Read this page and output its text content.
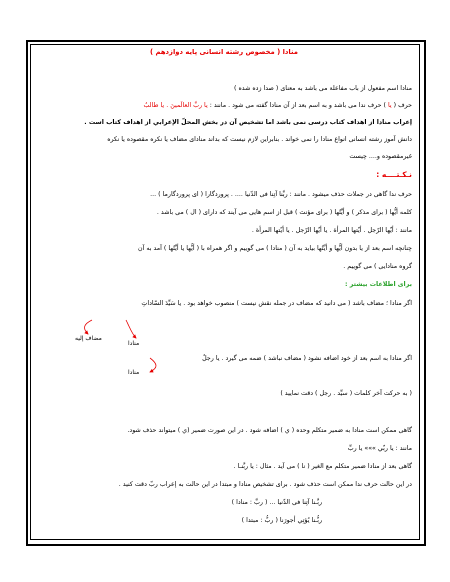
منادا ( مخصوص رشته انسانی پایه دوازدهم )
منادا اسم مفعول از باب مفاعلة می باشد به معنای ( صدا زده شده )
حرف ( یا ) حرف ندا می باشد و به اسم بعد از آن منادا گفته می شود . مانند : یا ربَّ العالَمینَ . یا طالبُ
إعراب منادا از اهداف کتاب درسی نمی باشد اما تشخیص آن در بخش المحلّ الإعرابي از اهداف کتاب است .
دانش آموز رشته انسانی انواع منادا را نمی خواند . بنابراین لازم نیست که بداند منادای مضاف یا نکره مقصوده یا نکره
غیرمقصوده و.... چیست
نـکـتــــه :
حرف ندا گاهی در جملات حذف میشود . مانند : ربَّنا آتِنا فی الدّنیا .... . پروردگارا ( ای پروردگارما ) ...
کلمه أیُّها ( برای مذکر ) و أیَّتُها ( برای مؤنث ) قبل از اسم هایی می آیند که دارای ( ال ) می باشد .
مانند : أیّها الرّجل . أیّتها المرأة . یا أیّها الرّجل . یا أیّتها المرأة .
چنانچه اسم بعد از یا بدون أیُّها و أیَّتُها بیاید به آن ( منادا ) می گوییم و اگر همراه با ( أیُّها یا أیَّتُها ) آمد به آن
گروه منادایی ) می گوییم .
برای اطلاعات بیشتر :
اگر منادا ؛ مضاف باشد ( می دانید که مضاف در جمله نقش نیست ) منصوب خواهد بود . یا سَیِّدَ السّاداتِ
اگر منادا به اسم بعد از خود اضافه نشود ( مضاف نباشد ) ضمه می گیرد . یا رجلُ
( به حرکت آخر کلمات ( سیِّد . رجل ) دقت نمایید )
گاهی ممکن است منادا به ضمیر متکلم وحده ( ي ) اضافه شود . در این صورت ضمیر (ي ) میتواند حذف شود.
مانند : یا ربّي »»» یا ربِّ
گاهی بعد از منادا ضمیر متکلم مع الغیر ( نا ) می آید . مثال : یا ربَّنـا .
در این حالت حرف ندا ممکن است حذف شود . برای تشخیص منادا و مبتدا در این حالت به إعراب ربّ دقت کنید .
ربَّـنا آتِنا فی الدّنیا ... ( ربَّ : منادا )
ربُّـنا یُؤتِي أجورَنا ( ربُّ : مبتدا )
مضاف إلیه
منادا
منادا
